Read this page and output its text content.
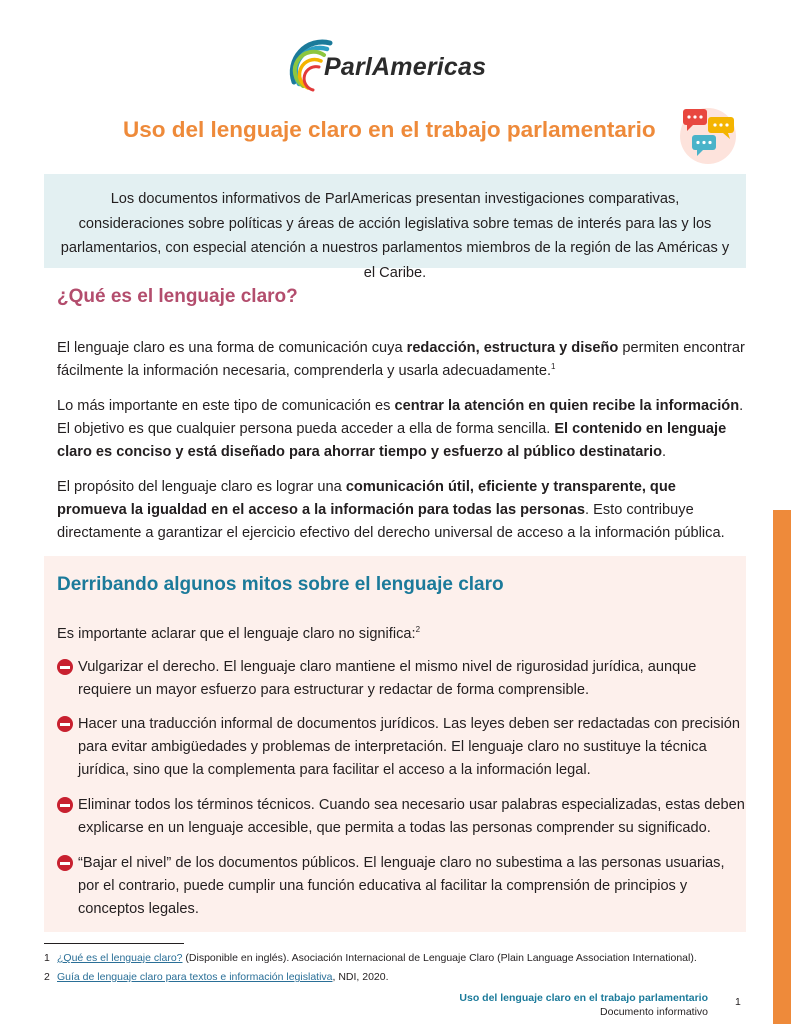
ParlAmericas
Uso del lenguaje claro en el trabajo parlamentario

Los documentos informativos de ParlAmericas presentan investigaciones comparativas, consideraciones sobre políticas y áreas de acción legislativa sobre temas de interés para las y los parlamentarios, con especial atención a nuestros parlamentos miembros de la región de las Américas y el Caribe.

¿Qué es el lenguaje claro?

El lenguaje claro es una forma de comunicación cuya redacción, estructura y diseño permiten encontrar fácilmente la información necesaria, comprenderla y usarla adecuadamente.$^1$

Lo más importante en este tipo de comunicación es centrar la atención en quien recibe la información. El objetivo es que cualquier persona pueda acceder a ella de forma sencilla. El contenido en lenguaje claro es conciso y está diseñado para ahorrar tiempo y esfuerzo al público destinatario.

El propósito del lenguaje claro es lograr una comunicación útil, eficiente y transparente, que promueva la igualdad en el acceso a la información para todas las personas. Esto contribuye directamente a garantizar el ejercicio efectivo del derecho universal de acceso a la información pública.

Derribando algunos mitos sobre el lenguaje claro

Es importante aclarar que el lenguaje claro no significa:$^2$

Vulgarizar el derecho. El lenguaje claro mantiene el mismo nivel de rigurosidad jurídica, aunque requiere un mayor esfuerzo para estructurar y redactar de forma comprensible.

Hacer una traducción informal de documentos jurídicos. Las leyes deben ser redactadas con precisión para evitar ambigüedades y problemas de interpretación. El lenguaje claro no sustituye la técnica jurídica, sino que la complementa para facilitar el acceso a la información legal.

Eliminar todos los términos técnicos. Cuando sea necesario usar palabras especializadas, estas deben explicarse en un lenguaje accesible, que permita a todas las personas comprender su significado.

“Bajar el nivel” de los documentos públicos. El lenguaje claro no subestima a las personas usuarias, por el contrario, puede cumplir una función educativa al facilitar la comprensión de principios y conceptos legales.

1 ¿Qué es el lenguaje claro? (Disponible en inglés). Asociación Internacional de Lenguaje Claro (Plain Language Association International).
2 Guía de lenguaje claro para textos e información legislativa, NDI, 2020.
Uso del lenguaje claro en el trabajo parlamentario
Documento informativo
1
